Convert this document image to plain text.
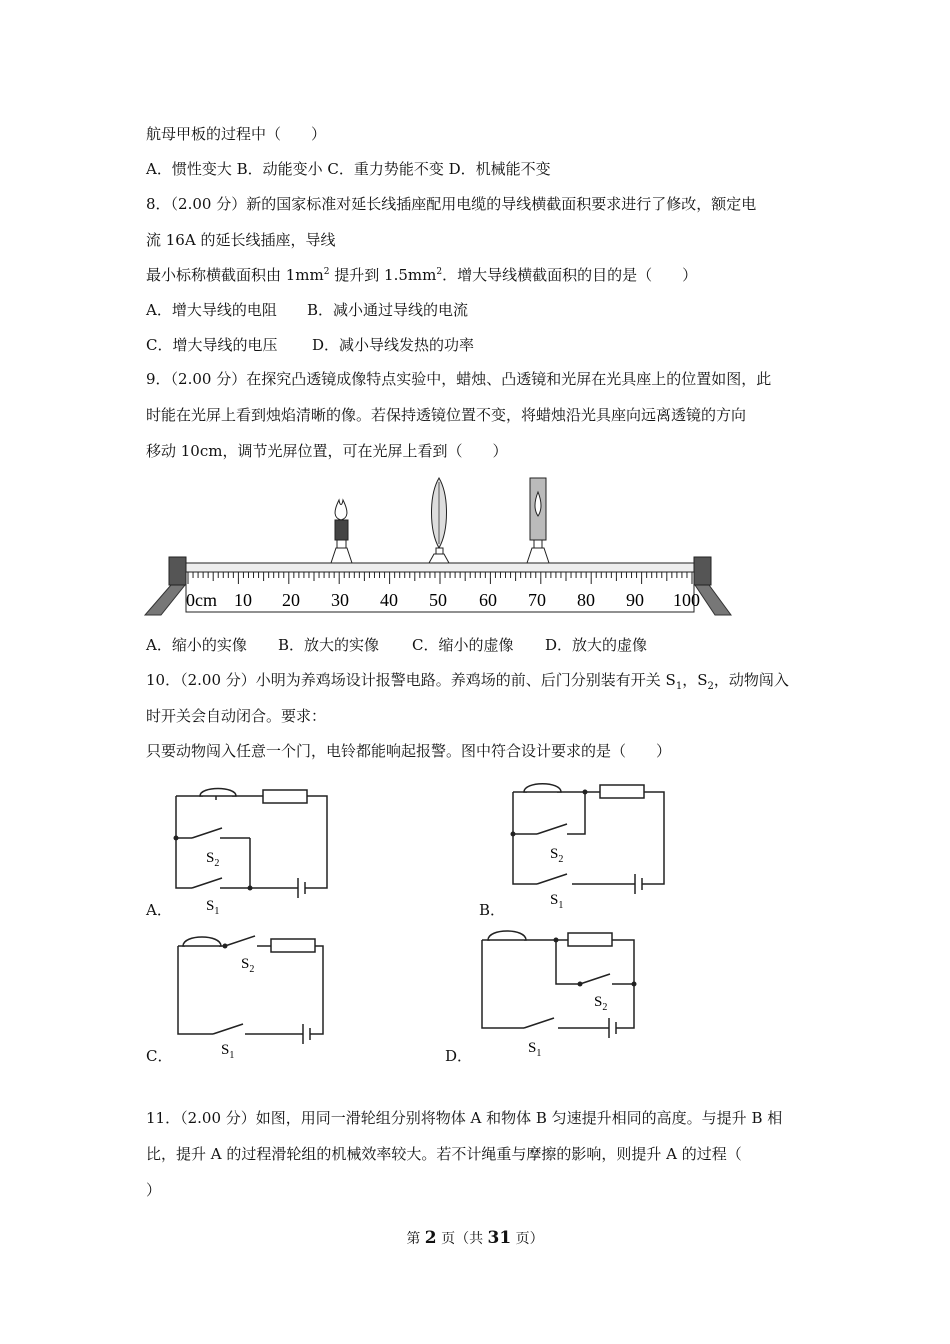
航母甲板的过程中（　　）
A．惯性变大 B．动能变小 C．重力势能不变 D．机械能不变
8．（2.00 分）新的国家标准对延长线插座配用电缆的导线横截面积要求进行了修改，额定电
流 16A 的延长线插座，导线
最小标称横截面积由 $1mm^2$ 提升到 $1.5mm^2$．增大导线横截面积的目的是（　　）
A．增大导线的电阻 B．减小通过导线的电流
C．增大导线的电压 D．减小导线发热的功率
9．（2.00 分）在探究凸透镜成像特点实验中，蜡烛、凸透镜和光屏在光具座上的位置如图，此
时能在光屏上看到烛焰清晰的像。若保持透镜位置不变，将蜡烛沿光具座向远离透镜的方向
移动 10cm，调节光屏位置，可在光屏上看到（　　）
0cm 10 20 30 40 50 60 70 80 90 100
A．缩小的实像 B．放大的实像 C．缩小的虚像 D．放大的虚像
10．（2.00 分）小明为养鸡场设计报警电路。养鸡场的前、后门分别装有开关 $S_1$，$S_2$，动物闯入
时开关会自动闭合。要求：
只要动物闯入任意一个门，电铃都能响起报警。图中符合设计要求的是（　　）
A．
$S_2$
$S_1$	B．
$S_2$
$S_1$
C．
$S_2$
$S_1$	D．
$S_2$
$S_1$
11．（2.00 分）如图，用同一滑轮组分别将物体 A 和物体 B 匀速提升相同的高度。与提升 B 相
比，提升 A 的过程滑轮组的机械效率较大。若不计绳重与摩擦的影响，则提升 A 的过程（
）
第 2 页（共 31 页）
